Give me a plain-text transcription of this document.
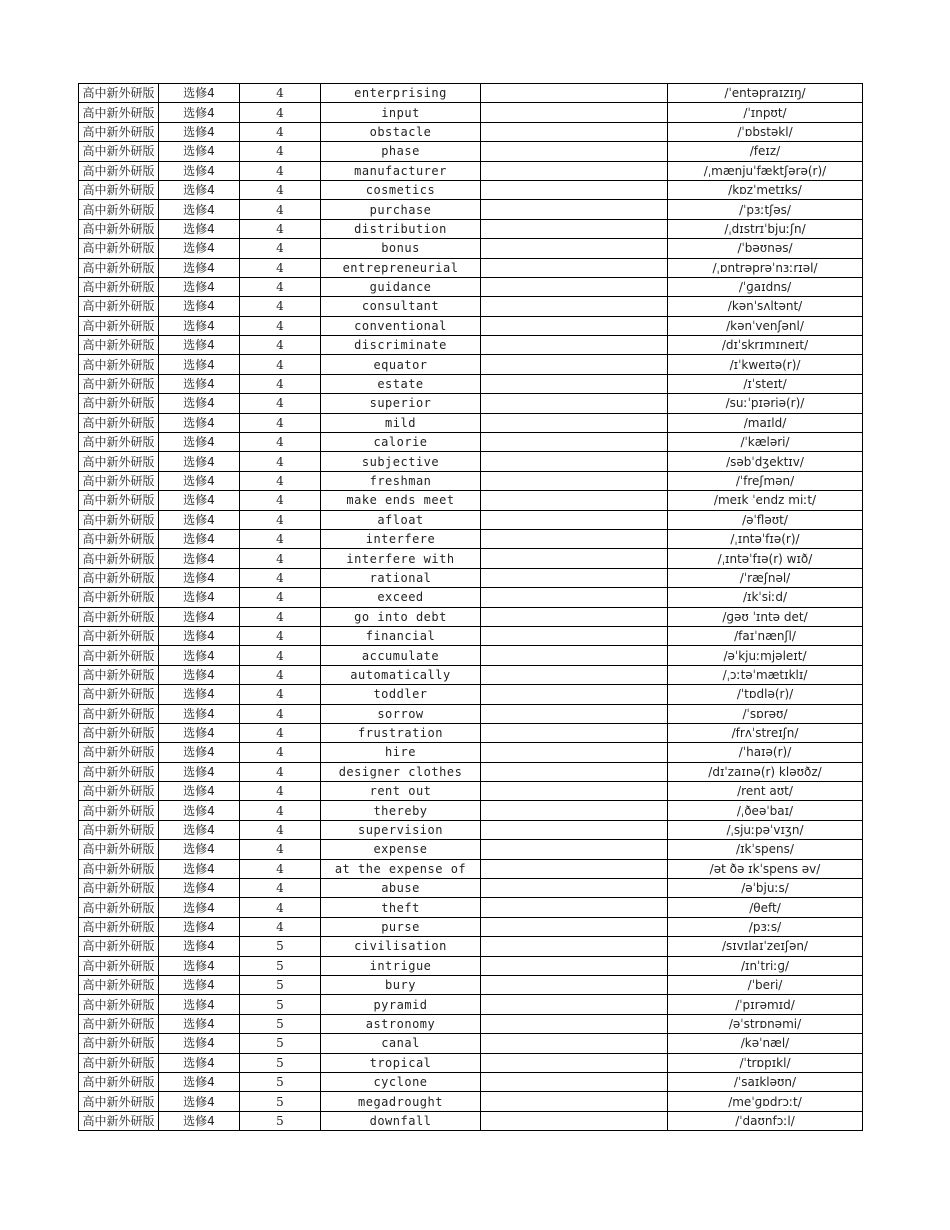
高中新外研版	选修4	4	enterprising		/ˈentəpraɪzɪŋ/
高中新外研版	选修4	4	input		/ˈɪnpʊt/
高中新外研版	选修4	4	obstacle		/ˈɒbstəkl/
高中新外研版	选修4	4	phase		/feɪz/
高中新外研版	选修4	4	manufacturer		/ˌmænjuˈfæktʃərə(r)/
高中新外研版	选修4	4	cosmetics		/kɒzˈmetɪks/
高中新外研版	选修4	4	purchase		/ˈpɜːtʃəs/
高中新外研版	选修4	4	distribution		/ˌdɪstrɪˈbjuːʃn/
高中新外研版	选修4	4	bonus		/ˈbəʊnəs/
高中新外研版	选修4	4	entrepreneurial		/ˌɒntrəprəˈnɜːrɪəl/
高中新外研版	选修4	4	guidance		/ˈɡaɪdns/
高中新外研版	选修4	4	consultant		/kənˈsʌltənt/
高中新外研版	选修4	4	conventional		/kənˈvenʃənl/
高中新外研版	选修4	4	discriminate		/dɪˈskrɪmɪneɪt/
高中新外研版	选修4	4	equator		/ɪˈkweɪtə(r)/
高中新外研版	选修4	4	estate		/ɪˈsteɪt/
高中新外研版	选修4	4	superior		/suːˈpɪəriə(r)/
高中新外研版	选修4	4	mild		/maɪld/
高中新外研版	选修4	4	calorie		/ˈkæləri/
高中新外研版	选修4	4	subjective		/səbˈdʒektɪv/
高中新外研版	选修4	4	freshman		/ˈfreʃmən/
高中新外研版	选修4	4	make ends meet		/meɪk ˈendz miːt/
高中新外研版	选修4	4	afloat		/əˈfləʊt/
高中新外研版	选修4	4	interfere		/ˌɪntəˈfɪə(r)/
高中新外研版	选修4	4	interfere with		/ˌɪntəˈfɪə(r) wɪð/
高中新外研版	选修4	4	rational		/ˈræʃnəl/
高中新外研版	选修4	4	exceed		/ɪkˈsiːd/
高中新外研版	选修4	4	go into debt		/ɡəʊ ˈɪntə det/
高中新外研版	选修4	4	financial		/faɪˈnænʃl/
高中新外研版	选修4	4	accumulate		/əˈkjuːmjəleɪt/
高中新外研版	选修4	4	automatically		/ˌɔːtəˈmætɪklɪ/
高中新外研版	选修4	4	toddler		/ˈtɒdlə(r)/
高中新外研版	选修4	4	sorrow		/ˈsɒrəʊ/
高中新外研版	选修4	4	frustration		/frʌˈstreɪʃn/
高中新外研版	选修4	4	hire		/ˈhaɪə(r)/
高中新外研版	选修4	4	designer clothes		/dɪˈzaɪnə(r) kləʊðz/
高中新外研版	选修4	4	rent out		/rent aʊt/
高中新外研版	选修4	4	thereby		/ˌðeəˈbaɪ/
高中新外研版	选修4	4	supervision		/ˌsjuːpəˈvɪʒn/
高中新外研版	选修4	4	expense		/ɪkˈspens/
高中新外研版	选修4	4	at the expense of		/ət ðə ɪkˈspens əv/
高中新外研版	选修4	4	abuse		/əˈbjuːs/
高中新外研版	选修4	4	theft		/θeft/
高中新外研版	选修4	4	purse		/pɜːs/
高中新外研版	选修4	5	civilisation		/sɪvɪlaɪˈzeɪʃən/
高中新外研版	选修4	5	intrigue		/ɪnˈtriːɡ/
高中新外研版	选修4	5	bury		/ˈberi/
高中新外研版	选修4	5	pyramid		/ˈpɪrəmɪd/
高中新外研版	选修4	5	astronomy		/əˈstrɒnəmi/
高中新外研版	选修4	5	canal		/kəˈnæl/
高中新外研版	选修4	5	tropical		/ˈtrɒpɪkl/
高中新外研版	选修4	5	cyclone		/ˈsaɪkləʊn/
高中新外研版	选修4	5	megadrought		/meˈɡɒdrɔːt/
高中新外研版	选修4	5	downfall		/ˈdaʊnfɔːl/
